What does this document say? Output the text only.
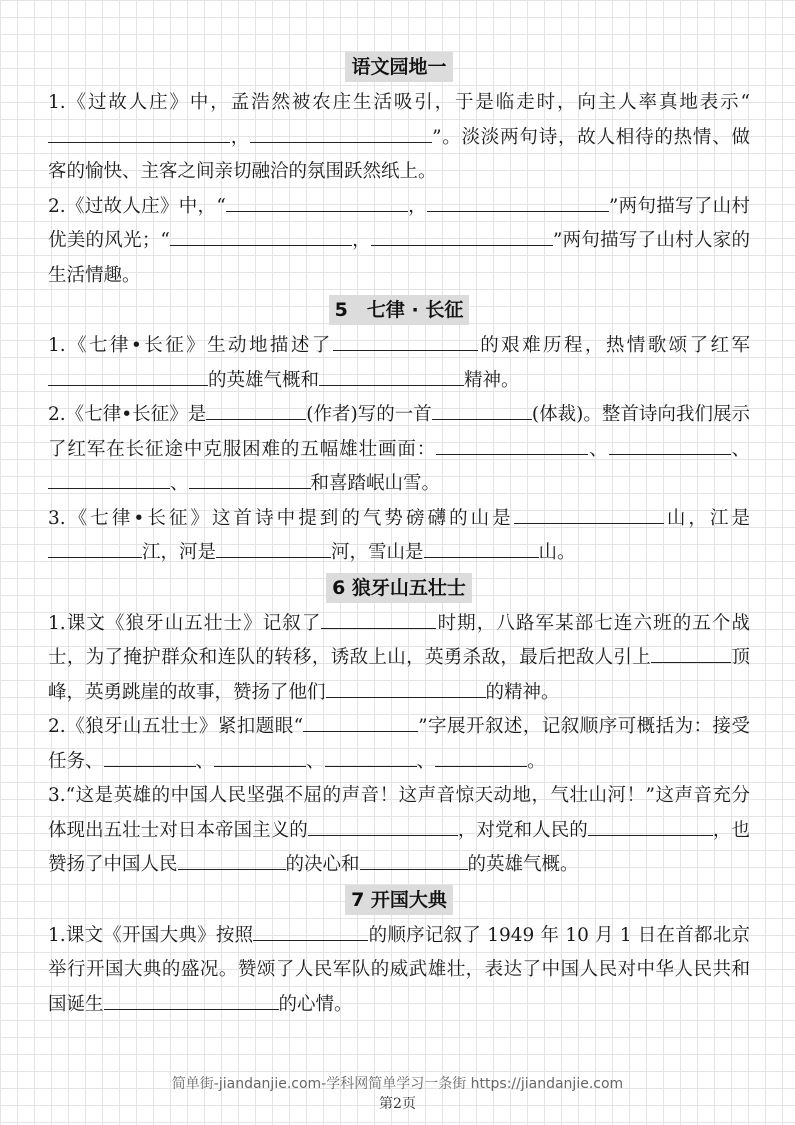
语文园地一

1.《过故人庄》中，孟浩然被农庄生活吸引，于是临走时，向主人率真地表示“，	”。淡淡两句诗，故人相待的热情、做客的愉快、主客之间亲切融洽的氛围跃然纸上。

2.《过故人庄》中，“	，	”两句描写了山村优美的风光；“	，	”两句描写了山村人家的生活情趣。

5　七律 · 长征

1.《七律•长征》生动地描述了	的艰难历程，热情歌颂了红军的英雄气概和	精神。

2.《七律•长征》是	(作者)写的一首	(体裁)。整首诗向我们展示了红军在长征途中克服困难的五幅雄壮画面：	、	、、	和喜踏岷山雪。

3.《七律•长征》这首诗中提到的气势磅礴的山是	山，江是江，河是	河，雪山是	山。

6 狼牙山五壮士

1.课文《狼牙山五壮士》记叙了	时期，八路军某部七连六班的五个战士，为了掩护群众和连队的转移，诱敌上山，英勇杀敌，最后把敌人引上	顶峰，英勇跳崖的故事，赞扬了他们	的精神。

2.《狼牙山五壮士》紧扣题眼“	”字展开叙述，记叙顺序可概括为：接受任务、	、	、	、	。

3.“这是英雄的中国人民坚强不屈的声音！这声音惊天动地，气壮山河！”这声音充分体现出五壮士对日本帝国主义的	，对党和人民的	，也赞扬了中国人民	的决心和	的英雄气概。

7 开国大典

1.课文《开国大典》按照	的顺序记叙了 1949 年 10 月 1 日在首都北京举行开国大典的盛况。赞颂了人民军队的威武雄壮，表达了中国人民对中华人民共和国诞生	的心情。

简单街-jiandanjie.com-学科网简单学习一条街 https://jiandanjie.com
第2页
